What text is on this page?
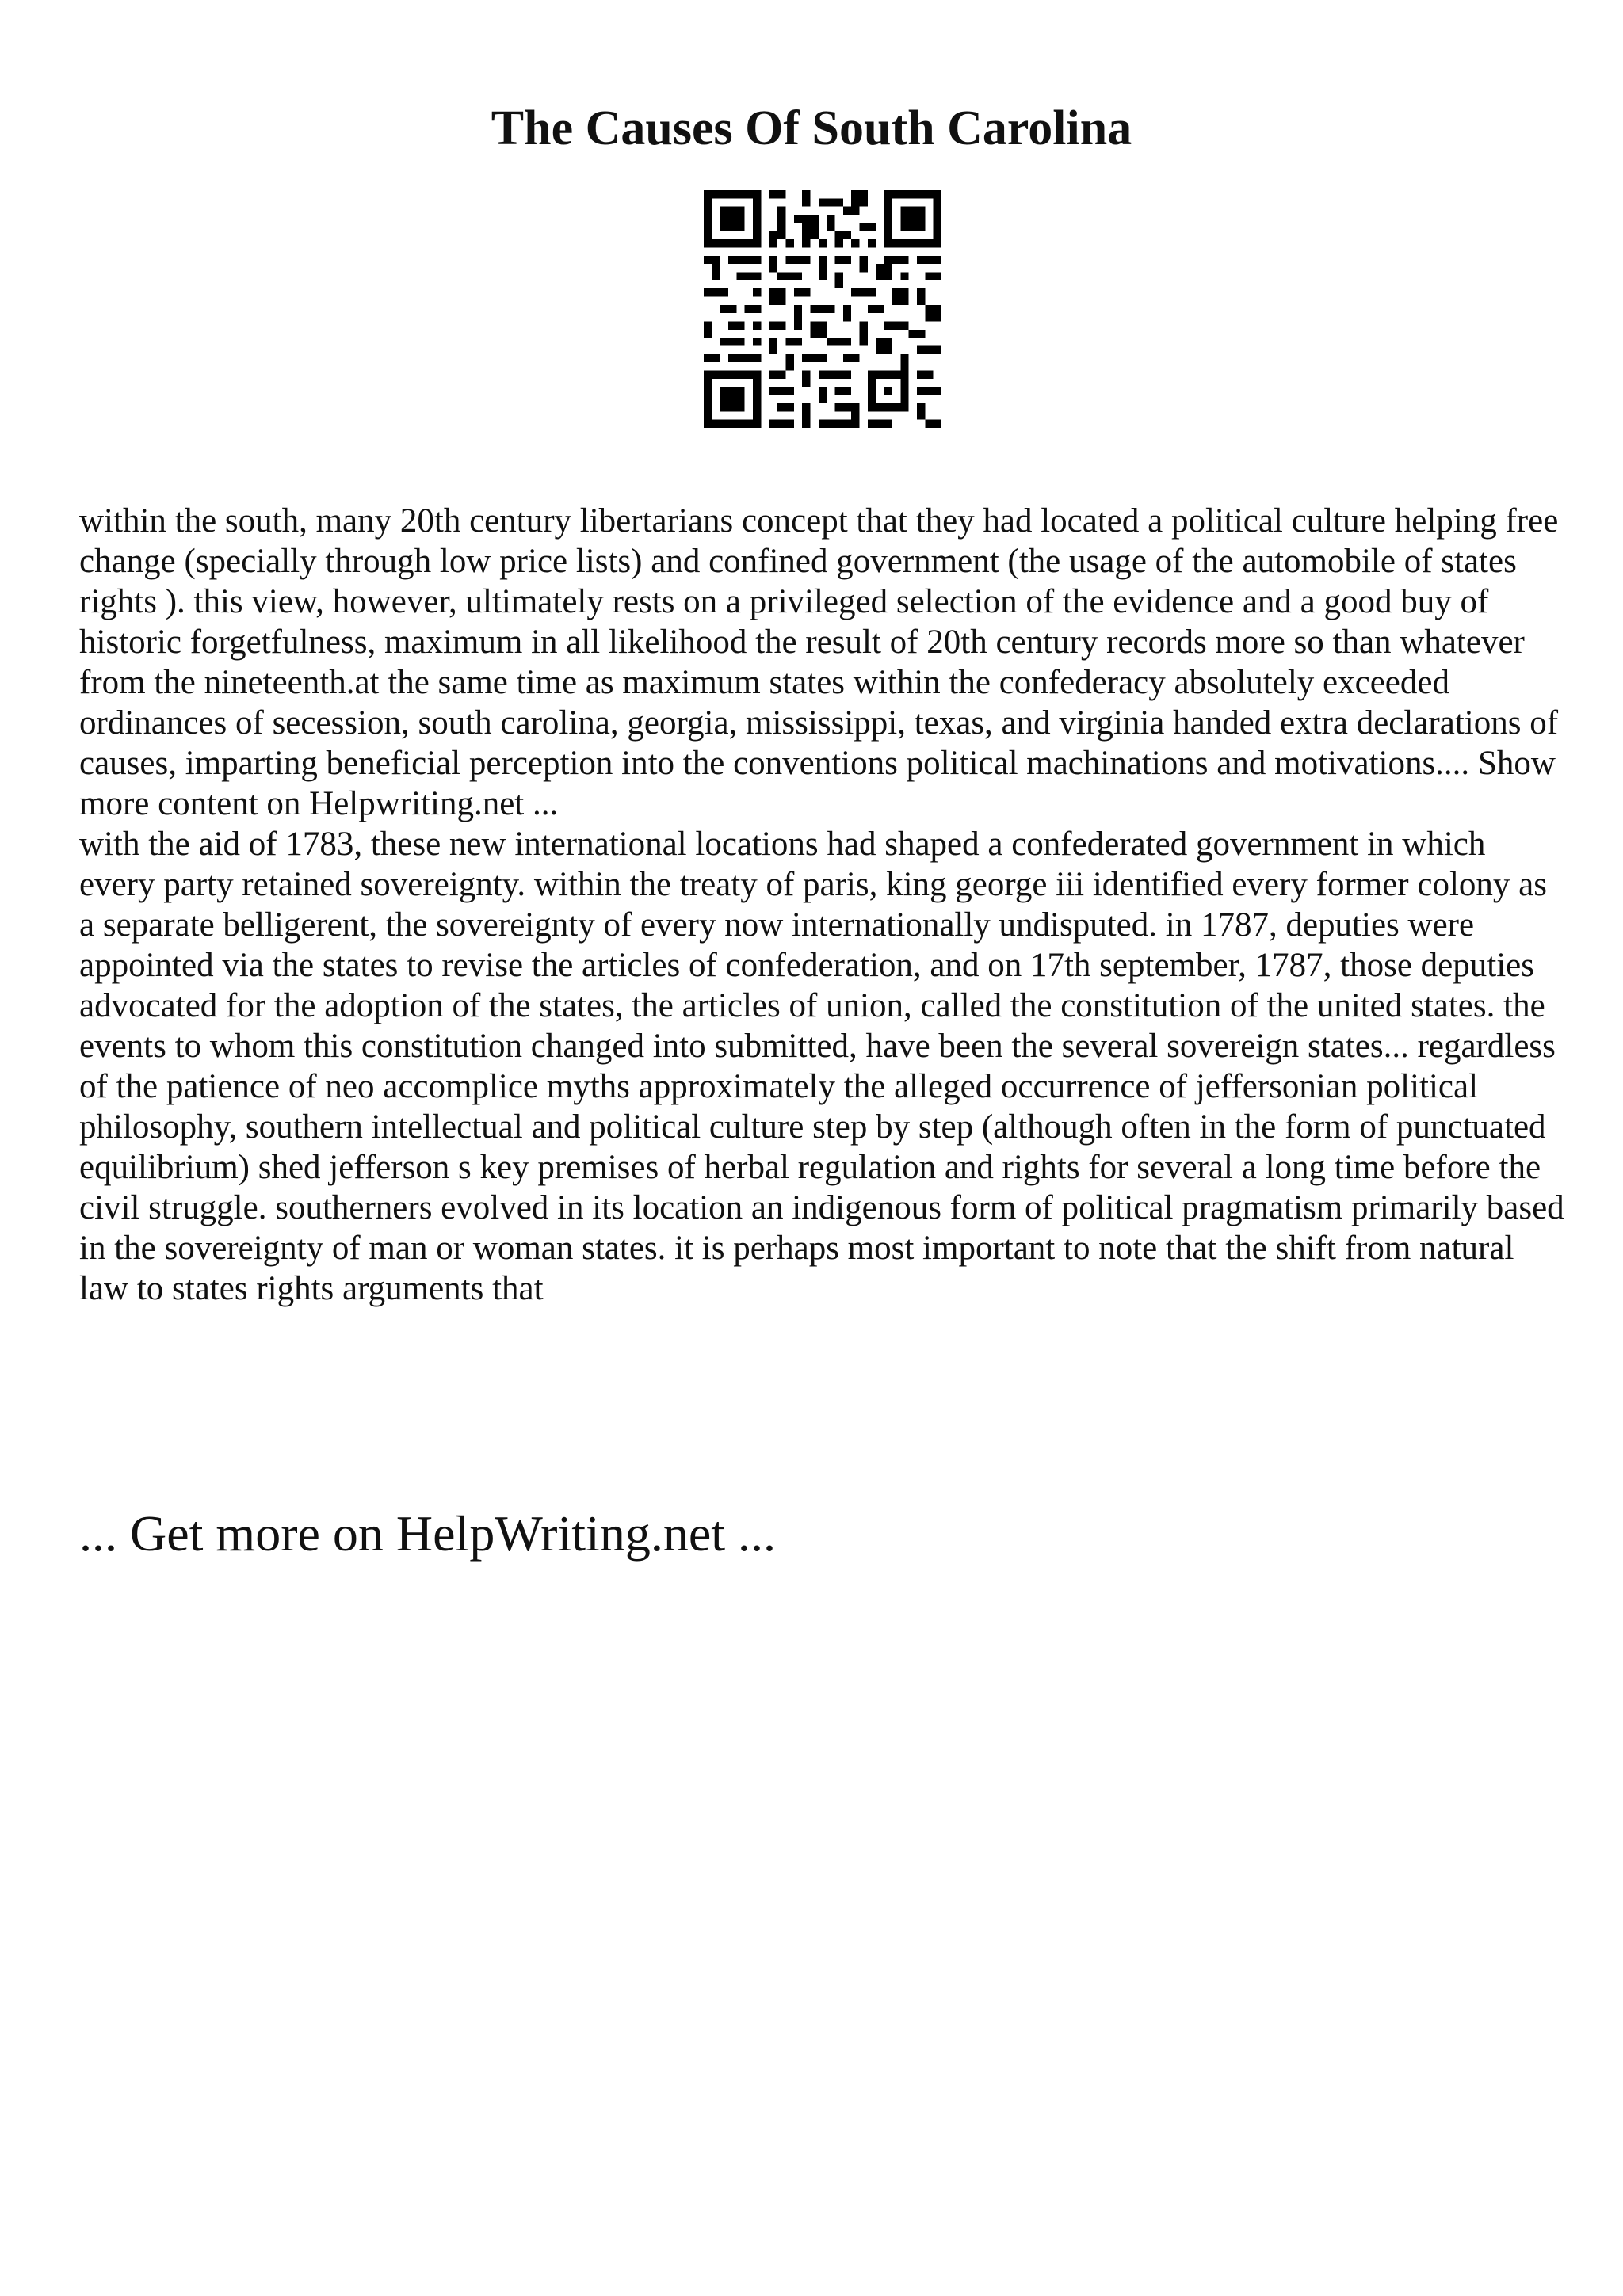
The Causes Of South Carolina

within the south, many 20th century libertarians concept that they had located a political culture helping free change (specially through low price lists) and confined government (the usage of the automobile of states rights ). this view, however, ultimately rests on a privileged selection of the evidence and a good buy of historic forgetfulness, maximum in all likelihood the result of 20th century records more so than whatever from the nineteenth.at the same time as maximum states within the confederacy absolutely exceeded ordinances of secession, south carolina, georgia, mississippi, texas, and virginia handed extra declarations of causes, imparting beneficial perception into the conventions political machinations and motivations.... Show more content on Helpwriting.net ...

with the aid of 1783, these new international locations had shaped a confederated government in which every party retained sovereignty. within the treaty of paris, king george iii identified every former colony as a separate belligerent, the sovereignty of every now internationally undisputed. in 1787, deputies were appointed via the states to revise the articles of confederation, and on 17th september, 1787, those deputies advocated for the adoption of the states, the articles of union, called the constitution of the united states. the events to whom this constitution changed into submitted, have been the several sovereign states... regardless of the patience of neo accomplice myths approximately the alleged occurrence of jeffersonian political philosophy, southern intellectual and political culture step by step (although often in the form of punctuated equilibrium) shed jefferson s key premises of herbal regulation and rights for several a long time before the civil struggle. southerners evolved in its location an indigenous form of political pragmatism primarily based in the sovereignty of man or woman states. it is perhaps most important to note that the shift from natural law to states rights arguments that

... Get more on HelpWriting.net ...
